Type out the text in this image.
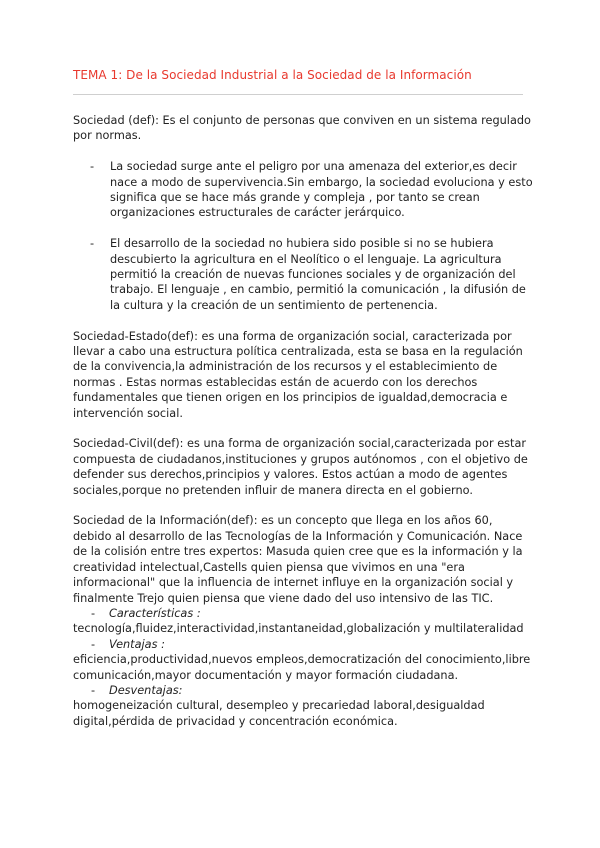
TEMA 1: De la Sociedad Industrial a la Sociedad de la Información

Sociedad (def): Es el conjunto de personas que conviven en un sistema regulado por normas.

- La sociedad surge ante el peligro por una amenaza del exterior,es decir nace a modo de supervivencia.Sin embargo, la sociedad evoluciona y esto significa que se hace más grande y compleja , por tanto se crean organizaciones estructurales de carácter jerárquico.

- El desarrollo de la sociedad no hubiera sido posible si no se hubiera descubierto la agricultura en el Neolítico o el lenguaje. La agricultura permitió la creación de nuevas funciones sociales y de organización del trabajo. El lenguaje , en cambio, permitió la comunicación , la difusión de la cultura y la creación de un sentimiento de pertenencia.

Sociedad-Estado(def): es una forma de organización social, caracterizada por llevar a cabo una estructura política centralizada, esta se basa en la regulación de la convivencia,la administración de los recursos y el establecimiento de normas . Estas normas establecidas están de acuerdo con los derechos fundamentales que tienen origen en los principios de igualdad,democracia e intervención social.

Sociedad-Civil(def): es una forma de organización social,caracterizada por estar compuesta de ciudadanos,instituciones y grupos autónomos , con el objetivo de defender sus derechos,principios y valores. Estos actúan a modo de agentes sociales,porque no pretenden influir de manera directa en el gobierno.

Sociedad de la Información(def): es un concepto que llega en los años 60, debido al desarrollo de las Tecnologías de la Información y Comunicación. Nace de la colisión entre tres expertos: Masuda quien cree que es la información y la creatividad intelectual,Castells quien piensa que vivimos en una "era informacional" que la influencia de internet influye en la organización social y finalmente Trejo quien piensa que viene dado del uso intensivo de las TIC.

- Características :

tecnología,fluidez,interactividad,instantaneidad,globalización y multilateralidad

- Ventajas :

eficiencia,productividad,nuevos empleos,democratización del conocimiento,libre comunicación,mayor documentación y mayor formación ciudadana.

- Desventajas:

homogeneización cultural, desempleo y precariedad laboral,desigualdad digital,pérdida de privacidad y concentración económica.
